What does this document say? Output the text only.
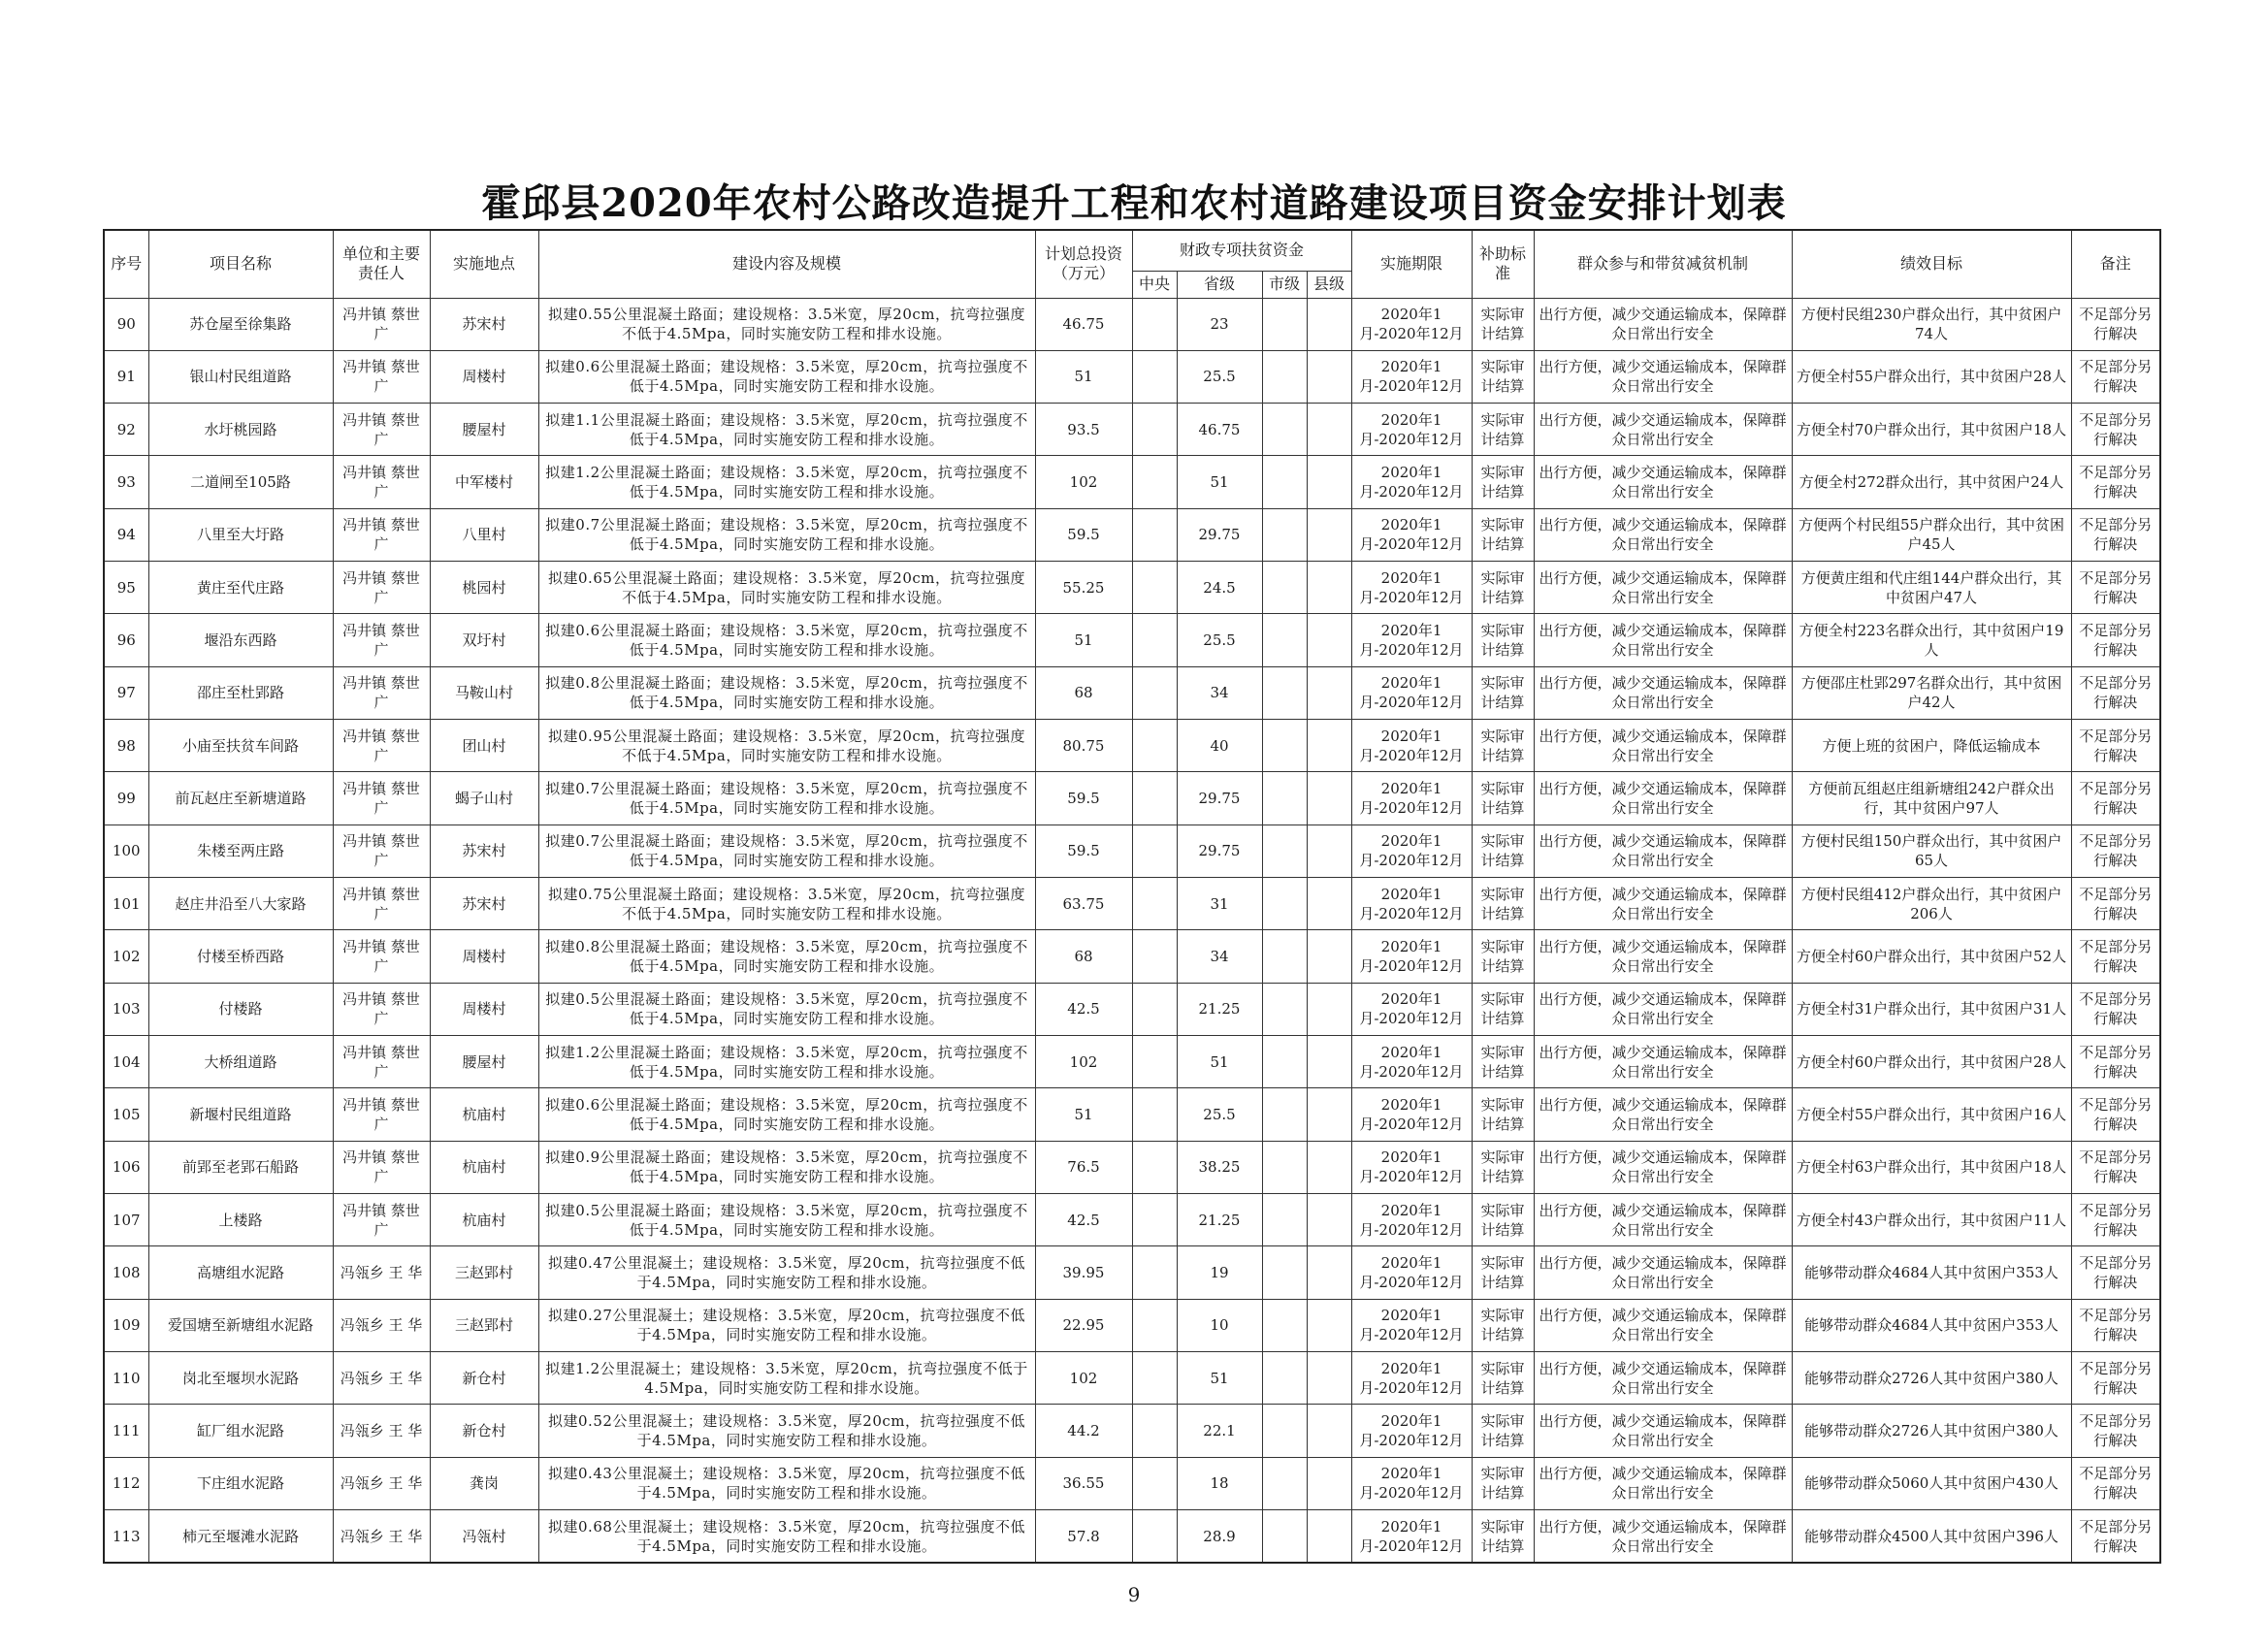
霍邱县2020年农村公路改造提升工程和农村道路建设项目资金安排计划表
序号	项目名称	单位和主要责任人	实施地点	建设内容及规模	计划总投资（万元）	财政专项扶贫资金				实施期限	补助标准	群众参与和带贫减贫机制	绩效目标	备注
						中央	省级	市级	县级					
90	苏仓屋至徐集路	冯井镇 蔡世广	苏宋村	拟建0.55公里混凝土路面；建设规格：3.5米宽，厚20cm，抗弯拉强度不低于4.5Mpa，同时实施安防工程和排水设施。	46.75		23			2020年1月-2020年12月	实际审计结算	出行方便，减少交通运输成本，保障群众日常出行安全	方便村民组230户群众出行，其中贫困户74人	不足部分另行解决
91	银山村民组道路	冯井镇 蔡世广	周楼村	拟建0.6公里混凝土路面；建设规格：3.5米宽，厚20cm，抗弯拉强度不低于4.5Mpa，同时实施安防工程和排水设施。	51		25.5			2020年1月-2020年12月	实际审计结算	出行方便，减少交通运输成本，保障群众日常出行安全	方便全村55户群众出行，其中贫困户28人	不足部分另行解决
92	水圩桃园路	冯井镇 蔡世广	腰屋村	拟建1.1公里混凝土路面；建设规格：3.5米宽，厚20cm，抗弯拉强度不低于4.5Mpa，同时实施安防工程和排水设施。	93.5		46.75			2020年1月-2020年12月	实际审计结算	出行方便，减少交通运输成本，保障群众日常出行安全	方便全村70户群众出行，其中贫困户18人	不足部分另行解决
93	二道闸至105路	冯井镇 蔡世广	中军楼村	拟建1.2公里混凝土路面；建设规格：3.5米宽，厚20cm，抗弯拉强度不低于4.5Mpa，同时实施安防工程和排水设施。	102		51			2020年1月-2020年12月	实际审计结算	出行方便，减少交通运输成本，保障群众日常出行安全	方便全村272群众出行，其中贫困户24人	不足部分另行解决
94	八里至大圩路	冯井镇 蔡世广	八里村	拟建0.7公里混凝土路面；建设规格：3.5米宽，厚20cm，抗弯拉强度不低于4.5Mpa，同时实施安防工程和排水设施。	59.5		29.75			2020年1月-2020年12月	实际审计结算	出行方便，减少交通运输成本，保障群众日常出行安全	方便两个村民组55户群众出行，其中贫困户45人	不足部分另行解决
95	黄庄至代庄路	冯井镇 蔡世广	桃园村	拟建0.65公里混凝土路面；建设规格：3.5米宽，厚20cm，抗弯拉强度不低于4.5Mpa，同时实施安防工程和排水设施。	55.25		24.5			2020年1月-2020年12月	实际审计结算	出行方便，减少交通运输成本，保障群众日常出行安全	方便黄庄组和代庄组144户群众出行，其中贫困户47人	不足部分另行解决
96	堰沿东西路	冯井镇 蔡世广	双圩村	拟建0.6公里混凝土路面；建设规格：3.5米宽，厚20cm，抗弯拉强度不低于4.5Mpa，同时实施安防工程和排水设施。	51		25.5			2020年1月-2020年12月	实际审计结算	出行方便，减少交通运输成本，保障群众日常出行安全	方便全村223名群众出行，其中贫困户19人	不足部分另行解决
97	邵庄至杜郢路	冯井镇 蔡世广	马鞍山村	拟建0.8公里混凝土路面；建设规格：3.5米宽，厚20cm，抗弯拉强度不低于4.5Mpa，同时实施安防工程和排水设施。	68		34			2020年1月-2020年12月	实际审计结算	出行方便，减少交通运输成本，保障群众日常出行安全	方便邵庄杜郢297名群众出行，其中贫困户42人	不足部分另行解决
98	小庙至扶贫车间路	冯井镇 蔡世广	团山村	拟建0.95公里混凝土路面；建设规格：3.5米宽，厚20cm，抗弯拉强度不低于4.5Mpa，同时实施安防工程和排水设施。	80.75		40			2020年1月-2020年12月	实际审计结算	出行方便，减少交通运输成本，保障群众日常出行安全	方便上班的贫困户，降低运输成本	不足部分另行解决
99	前瓦赵庄至新塘道路	冯井镇 蔡世广	蝎子山村	拟建0.7公里混凝土路面；建设规格：3.5米宽，厚20cm，抗弯拉强度不低于4.5Mpa，同时实施安防工程和排水设施。	59.5		29.75			2020年1月-2020年12月	实际审计结算	出行方便，减少交通运输成本，保障群众日常出行安全	方便前瓦组赵庄组新塘组242户群众出行，其中贫困户97人	不足部分另行解决
100	朱楼至两庄路	冯井镇 蔡世广	苏宋村	拟建0.7公里混凝土路面；建设规格：3.5米宽，厚20cm，抗弯拉强度不低于4.5Mpa，同时实施安防工程和排水设施。	59.5		29.75			2020年1月-2020年12月	实际审计结算	出行方便，减少交通运输成本，保障群众日常出行安全	方便村民组150户群众出行，其中贫困户65人	不足部分另行解决
101	赵庄井沿至八大家路	冯井镇 蔡世广	苏宋村	拟建0.75公里混凝土路面；建设规格：3.5米宽，厚20cm，抗弯拉强度不低于4.5Mpa，同时实施安防工程和排水设施。	63.75		31			2020年1月-2020年12月	实际审计结算	出行方便，减少交通运输成本，保障群众日常出行安全	方便村民组412户群众出行，其中贫困户206人	不足部分另行解决
102	付楼至桥西路	冯井镇 蔡世广	周楼村	拟建0.8公里混凝土路面；建设规格：3.5米宽，厚20cm，抗弯拉强度不低于4.5Mpa，同时实施安防工程和排水设施。	68		34			2020年1月-2020年12月	实际审计结算	出行方便，减少交通运输成本，保障群众日常出行安全	方便全村60户群众出行，其中贫困户52人	不足部分另行解决
103	付楼路	冯井镇 蔡世广	周楼村	拟建0.5公里混凝土路面；建设规格：3.5米宽，厚20cm，抗弯拉强度不低于4.5Mpa，同时实施安防工程和排水设施。	42.5		21.25			2020年1月-2020年12月	实际审计结算	出行方便，减少交通运输成本，保障群众日常出行安全	方便全村31户群众出行，其中贫困户31人	不足部分另行解决
104	大桥组道路	冯井镇 蔡世广	腰屋村	拟建1.2公里混凝土路面；建设规格：3.5米宽，厚20cm，抗弯拉强度不低于4.5Mpa，同时实施安防工程和排水设施。	102		51			2020年1月-2020年12月	实际审计结算	出行方便，减少交通运输成本，保障群众日常出行安全	方便全村60户群众出行，其中贫困户28人	不足部分另行解决
105	新堰村民组道路	冯井镇 蔡世广	杭庙村	拟建0.6公里混凝土路面；建设规格：3.5米宽，厚20cm，抗弯拉强度不低于4.5Mpa，同时实施安防工程和排水设施。	51		25.5			2020年1月-2020年12月	实际审计结算	出行方便，减少交通运输成本，保障群众日常出行安全	方便全村55户群众出行，其中贫困户16人	不足部分另行解决
106	前郢至老郢石船路	冯井镇 蔡世广	杭庙村	拟建0.9公里混凝土路面；建设规格：3.5米宽，厚20cm，抗弯拉强度不低于4.5Mpa，同时实施安防工程和排水设施。	76.5		38.25			2020年1月-2020年12月	实际审计结算	出行方便，减少交通运输成本，保障群众日常出行安全	方便全村63户群众出行，其中贫困户18人	不足部分另行解决
107	上楼路	冯井镇 蔡世广	杭庙村	拟建0.5公里混凝土路面；建设规格：3.5米宽，厚20cm，抗弯拉强度不低于4.5Mpa，同时实施安防工程和排水设施。	42.5		21.25			2020年1月-2020年12月	实际审计结算	出行方便，减少交通运输成本，保障群众日常出行安全	方便全村43户群众出行，其中贫困户11人	不足部分另行解决
108	高塘组水泥路	冯瓴乡 王 华	三赵郢村	拟建0.47公里混凝土；建设规格：3.5米宽，厚20cm，抗弯拉强度不低于4.5Mpa，同时实施安防工程和排水设施。	39.95		19			2020年1月-2020年12月	实际审计结算	出行方便，减少交通运输成本，保障群众日常出行安全	能够带动群众4684人其中贫困户353人	不足部分另行解决
109	爱国塘至新塘组水泥路	冯瓴乡 王 华	三赵郢村	拟建0.27公里混凝土；建设规格：3.5米宽，厚20cm，抗弯拉强度不低于4.5Mpa，同时实施安防工程和排水设施。	22.95		10			2020年1月-2020年12月	实际审计结算	出行方便，减少交通运输成本，保障群众日常出行安全	能够带动群众4684人其中贫困户353人	不足部分另行解决
110	岗北至堰坝水泥路	冯瓴乡 王 华	新仓村	拟建1.2公里混凝土；建设规格：3.5米宽，厚20cm，抗弯拉强度不低于4.5Mpa，同时实施安防工程和排水设施。	102		51			2020年1月-2020年12月	实际审计结算	出行方便，减少交通运输成本，保障群众日常出行安全	能够带动群众2726人其中贫困户380人	不足部分另行解决
111	缸厂组水泥路	冯瓴乡 王 华	新仓村	拟建0.52公里混凝土；建设规格：3.5米宽，厚20cm，抗弯拉强度不低于4.5Mpa，同时实施安防工程和排水设施。	44.2		22.1			2020年1月-2020年12月	实际审计结算	出行方便，减少交通运输成本，保障群众日常出行安全	能够带动群众2726人其中贫困户380人	不足部分另行解决
112	下庄组水泥路	冯瓴乡 王 华	龚岗	拟建0.43公里混凝土；建设规格：3.5米宽，厚20cm，抗弯拉强度不低于4.5Mpa，同时实施安防工程和排水设施。	36.55		18			2020年1月-2020年12月	实际审计结算	出行方便，减少交通运输成本，保障群众日常出行安全	能够带动群众5060人其中贫困户430人	不足部分另行解决
113	柿元至堰滩水泥路	冯瓴乡 王 华	冯瓴村	拟建0.68公里混凝土；建设规格：3.5米宽，厚20cm，抗弯拉强度不低于4.5Mpa，同时实施安防工程和排水设施。	57.8		28.9			2020年1月-2020年12月	实际审计结算	出行方便，减少交通运输成本，保障群众日常出行安全	能够带动群众4500人其中贫困户396人	不足部分另行解决
9
